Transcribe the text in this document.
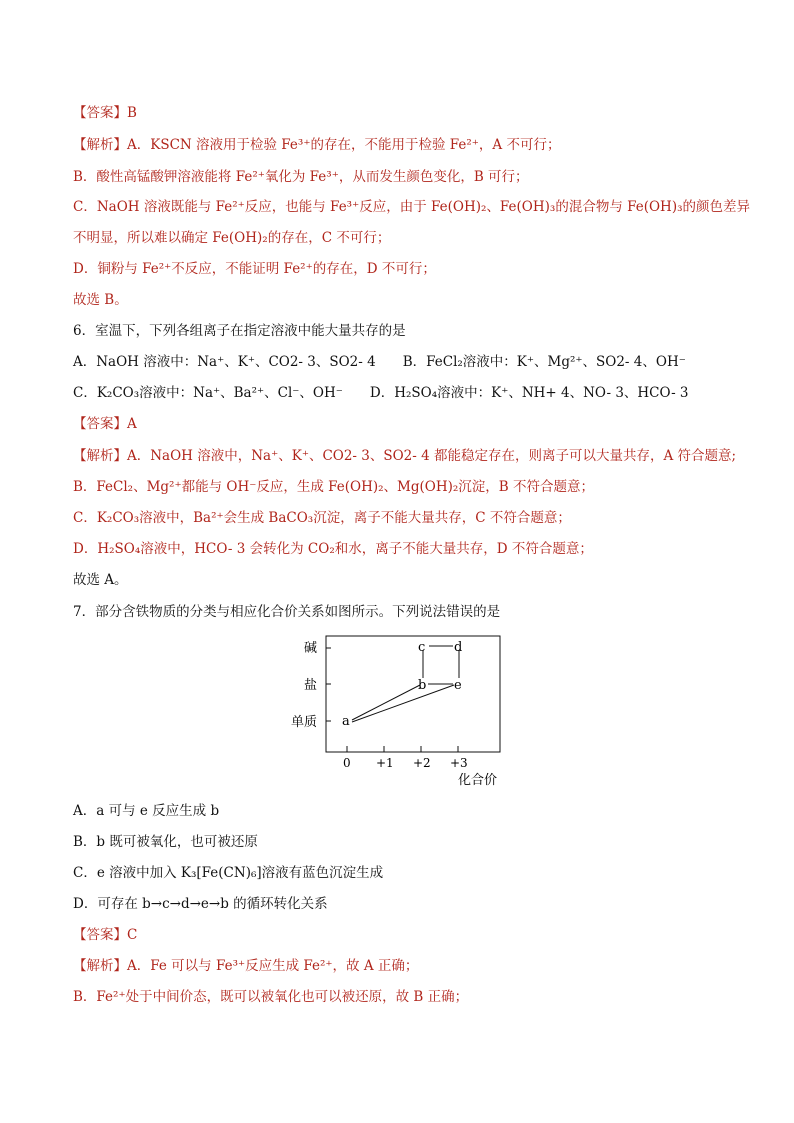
【答案】B
【解析】A．KSCN 溶液用于检验 Fe³⁺的存在，不能用于检验 Fe²⁺，A 不可行；
B．酸性高锰酸钾溶液能将 Fe²⁺氧化为 Fe³⁺，从而发生颜色变化，B 可行；
C．NaOH 溶液既能与 Fe²⁺反应，也能与 Fe³⁺反应，由于 Fe(OH)₂、Fe(OH)₃的混合物与 Fe(OH)₃的颜色差异
不明显，所以难以确定 Fe(OH)₂的存在，C 不可行；
D．铜粉与 Fe²⁺不反应，不能证明 Fe²⁺的存在，D 不可行；
故选 B。
6．室温下，下列各组离子在指定溶液中能大量共存的是
A．NaOH 溶液中：Na⁺、K⁺、CO2- 3、SO2- 4　　B．FeCl₂溶液中：K⁺、Mg²⁺、SO2- 4、OH⁻
C．K₂CO₃溶液中：Na⁺、Ba²⁺、Cl⁻、OH⁻　　D．H₂SO₄溶液中：K⁺、NH+ 4、NO- 3、HCO- 3
【答案】A
【解析】A．NaOH 溶液中，Na⁺、K⁺、CO2- 3、SO2- 4 都能稳定存在，则离子可以大量共存，A 符合题意;
B．FeCl₂、Mg²⁺都能与 OH⁻反应，生成 Fe(OH)₂、Mg(OH)₂沉淀，B 不符合题意；
C．K₂CO₃溶液中，Ba²⁺会生成 BaCO₃沉淀，离子不能大量共存，C 不符合题意；
D．H₂SO₄溶液中，HCO- 3 会转化为 CO₂和水，离子不能大量共存，D 不符合题意；
故选 A。
7．部分含铁物质的分类与相应化合价关系如图所示。下列说法错误的是
A．a 可与 e 反应生成 b
B．b 既可被氧化，也可被还原
C．e 溶液中加入 K₃[Fe(CN)₆]溶液有蓝色沉淀生成
D．可存在 b→c→d→e→b 的循环转化关系
【答案】C
【解析】A．Fe 可以与 Fe³⁺反应生成 Fe²⁺，故 A 正确；
B．Fe²⁺处于中间价态，既可以被氧化也可以被还原，故 B 正确；
碱
盐
单质
0 +1 +2 +3
化合价
a
b
c d
e
